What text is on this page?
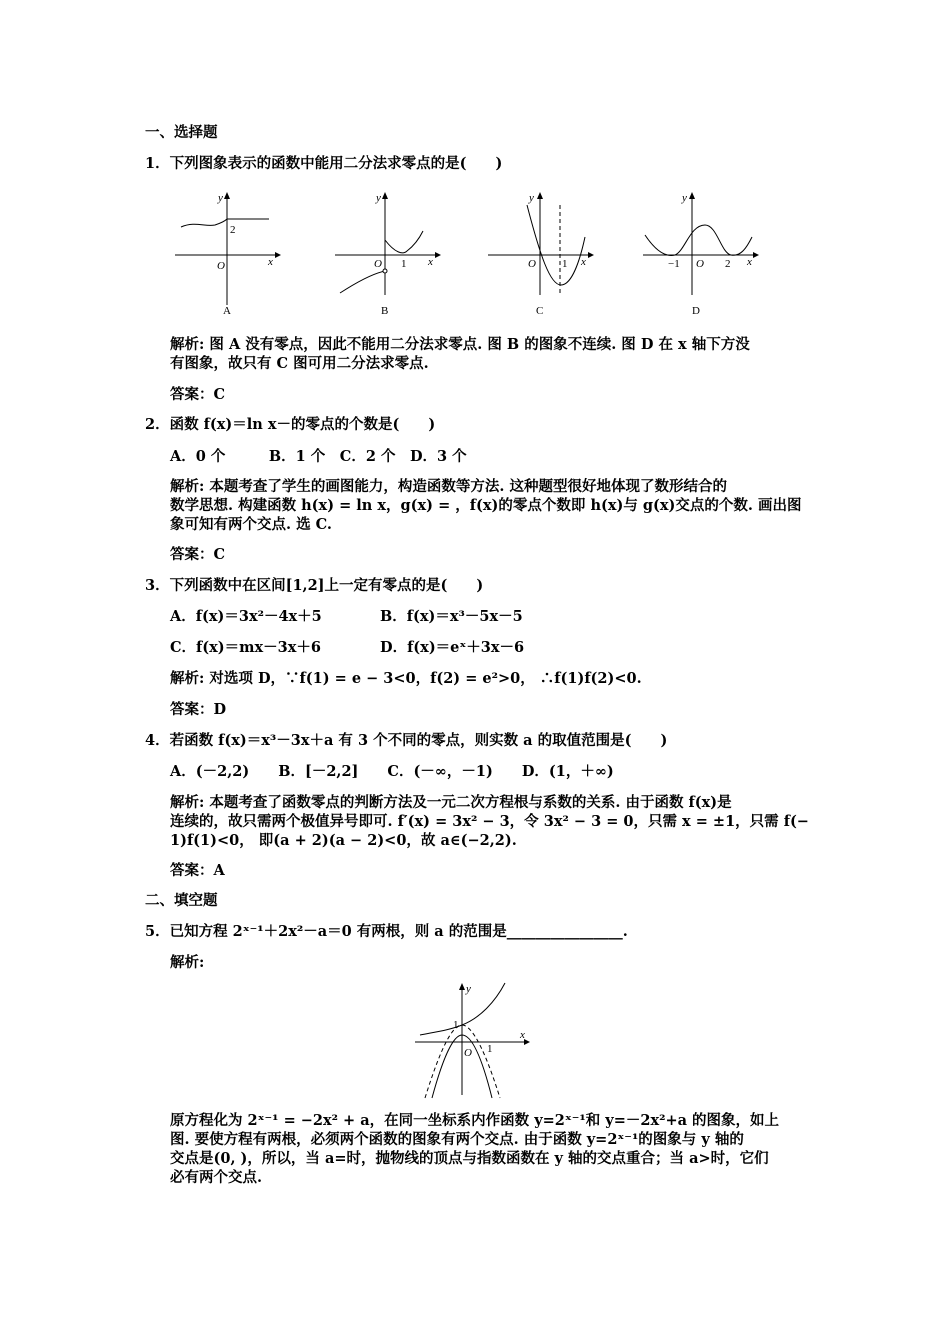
一、选择题
1．下列图象表示的函数中能用二分法求零点的是(　　)
y
x
2
O
A
y
x
O 1
B
y
x
O 1
C
y
x
−1 O 2
D
解析: 图 A 没有零点，因此不能用二分法求零点. 图 B 的图象不连续. 图 D 在 x 轴下方没
有图象，故只有 C 图可用二分法求零点.
答案：C
2．函数 f(x)＝ln x－的零点的个数是(　　)
A．0 个　　　B．1 个　C．2 个　D．3 个
解析: 本题考查了学生的画图能力，构造函数等方法. 这种题型很好地体现了数形结合的
数学思想. 构建函数 h(x) = ln x，g(x) = ，f(x)的零点个数即 h(x)与 g(x)交点的个数. 画出图
象可知有两个交点. 选 C.
答案：C
3．下列函数中在区间[1,2]上一定有零点的是(　　)
A．f(x)＝3x²－4x＋5	B．f(x)＝x³－5x－5
C．f(x)＝mx－3x＋6	D．f(x)＝eˣ＋3x－6
解析: 对选项 D，∵f(1) = e − 3<0，f(2) = e²>0， ∴f(1)f(2)<0.
答案：D
4．若函数 f(x)＝x³－3x＋a 有 3 个不同的零点，则实数 a 的取值范围是(　　)
A．(－2,2)　　B．[－2,2]　　C．(－∞，－1)　　D．(1，＋∞)
解析: 本题考查了函数零点的判断方法及一元二次方程根与系数的关系. 由于函数 f(x)是
连续的，故只需两个极值异号即可. f′(x) = 3x² − 3，令 3x² − 3 = 0，只需 x = ±1，只需 f(−
1)f(1)<0， 即(a + 2)(a − 2)<0，故 a∈(−2,2).
答案：A
二、填空题
5．已知方程 2ˣ⁻¹＋2x²－a＝0 有两根，则 a 的范围是________________.
解析:
y
x
1
1
O
原方程化为 2ˣ⁻¹ = −2x² + a，在同一坐标系内作函数 y=2ˣ⁻¹和 y=－2x²+a 的图象，如上
图. 要使方程有两根，必须两个函数的图象有两个交点. 由于函数 y=2ˣ⁻¹的图象与 y 轴的
交点是(0, )，所以，当 a=时，抛物线的顶点与指数函数在 y 轴的交点重合；当 a>时，它们
必有两个交点.
